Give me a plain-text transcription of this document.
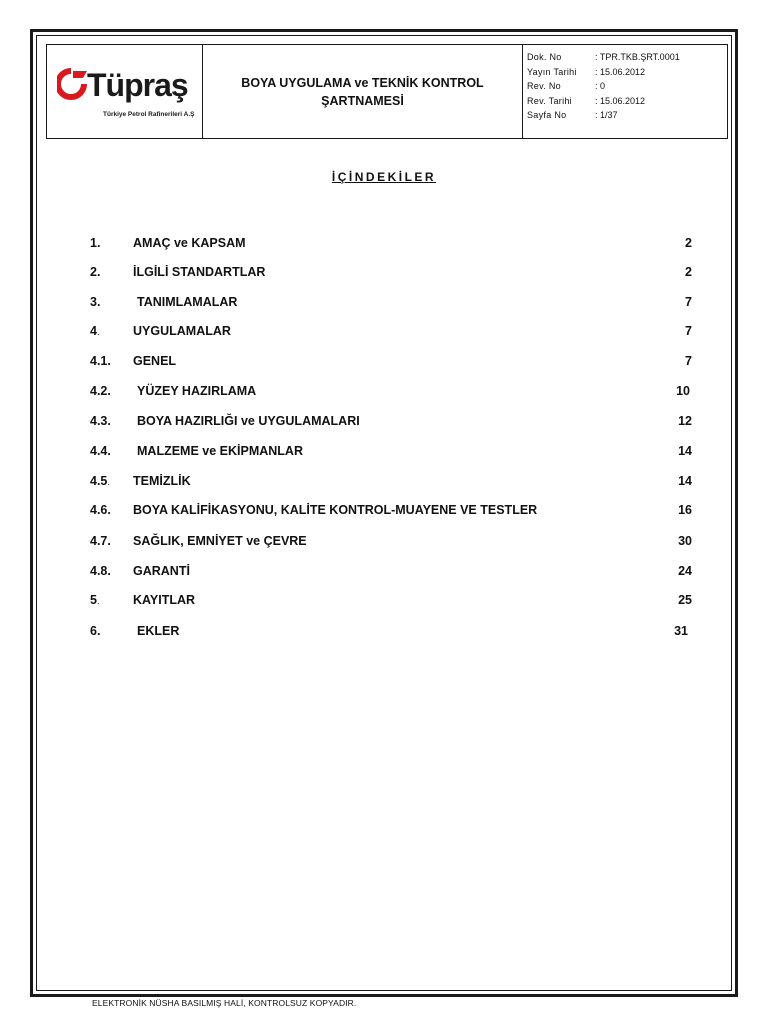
Tüpraş
Türkiye Petrol Rafinerileri A.Ş
BOYA UYGULAMA ve TEKNİK KONTROL
ŞARTNAMESİ
Dok. No	: TPR.TKB.ŞRT.0001
Yayın Tarihi	: 15.06.2012
Rev. No	: 0
Rev. Tarihi	: 15.06.2012
Sayfa No	: 1/37
İÇİNDEKİLER
1.	AMAÇ ve KAPSAM	2
2.	İLGİLİ STANDARTLAR	2
3.	TANIMLAMALAR	7
4.	UYGULAMALAR	7
4.1. GENEL	7
4.2. YÜZEY HAZIRLAMA	10
4.3. BOYA HAZIRLIĞI ve UYGULAMALARI	12
4.4. MALZEME ve EKİPMANLAR	14
4.5. TEMİZLİK	14
4.6. BOYA KALİFİKASYONU, KALİTE KONTROL-MUAYENE VE TESTLER	16
4.7. SAĞLIK, EMNİYET ve ÇEVRE	30
4.8. GARANTİ	24
5.	KAYITLAR	25
6.	EKLER	31
ELEKTRONİK NÜSHA BASILMIŞ HALİ, KONTROLSUZ KOPYADIR.
